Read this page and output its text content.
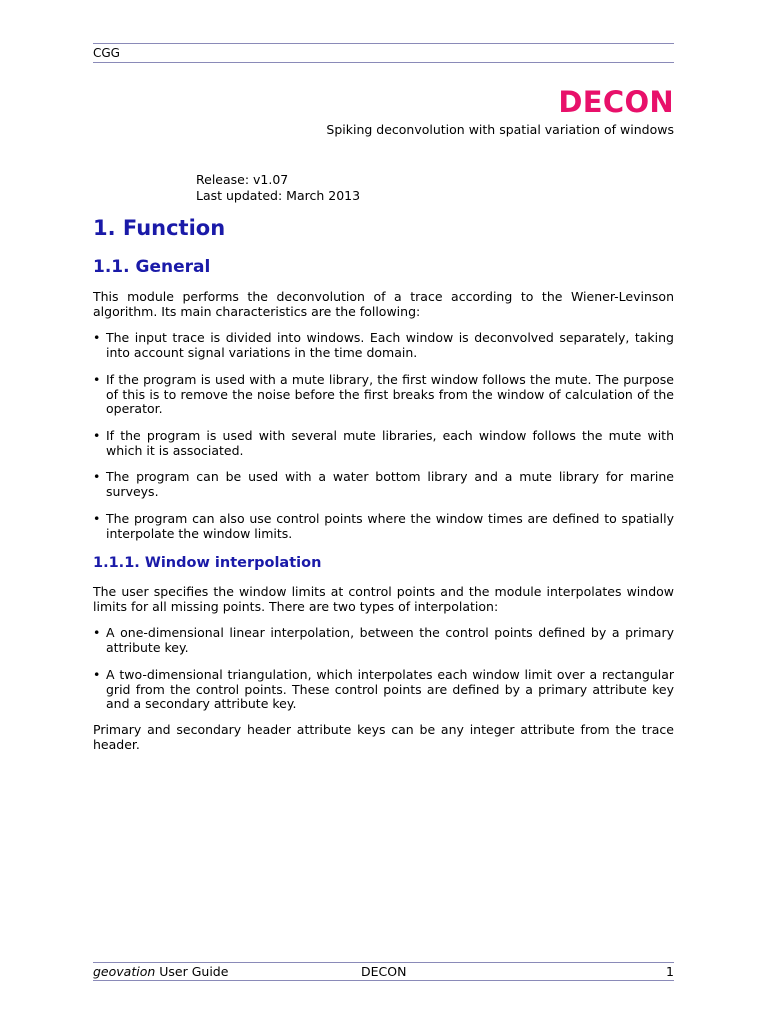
CGG
DECON
Spiking deconvolution with spatial variation of windows
Release: v1.07
Last updated: March 2013
1. Function
1.1. General
This module performs the deconvolution of a trace according to the Wiener-Levinson algorithm. Its main characteristics are the following:
• The input trace is divided into windows. Each window is deconvolved separately, taking into account signal variations in the time domain.
• If the program is used with a mute library, the first window follows the mute. The purpose of this is to remove the noise before the first breaks from the window of calculation of the operator.
• If the program is used with several mute libraries, each window follows the mute with which it is associated.
• The program can be used with a water bottom library and a mute library for marine surveys.
• The program can also use control points where the window times are defined to spatially interpolate the window limits.
1.1.1. Window interpolation
The user specifies the window limits at control points and the module interpolates window limits for all missing points. There are two types of interpolation:
• A one-dimensional linear interpolation, between the control points defined by a primary attribute key.
• A two-dimensional triangulation, which interpolates each window limit over a rectangular grid from the control points. These control points are defined by a primary attribute key and a secondary attribute key.
Primary and secondary header attribute keys can be any integer attribute from the trace header.
geovation User Guide	DECON	1
